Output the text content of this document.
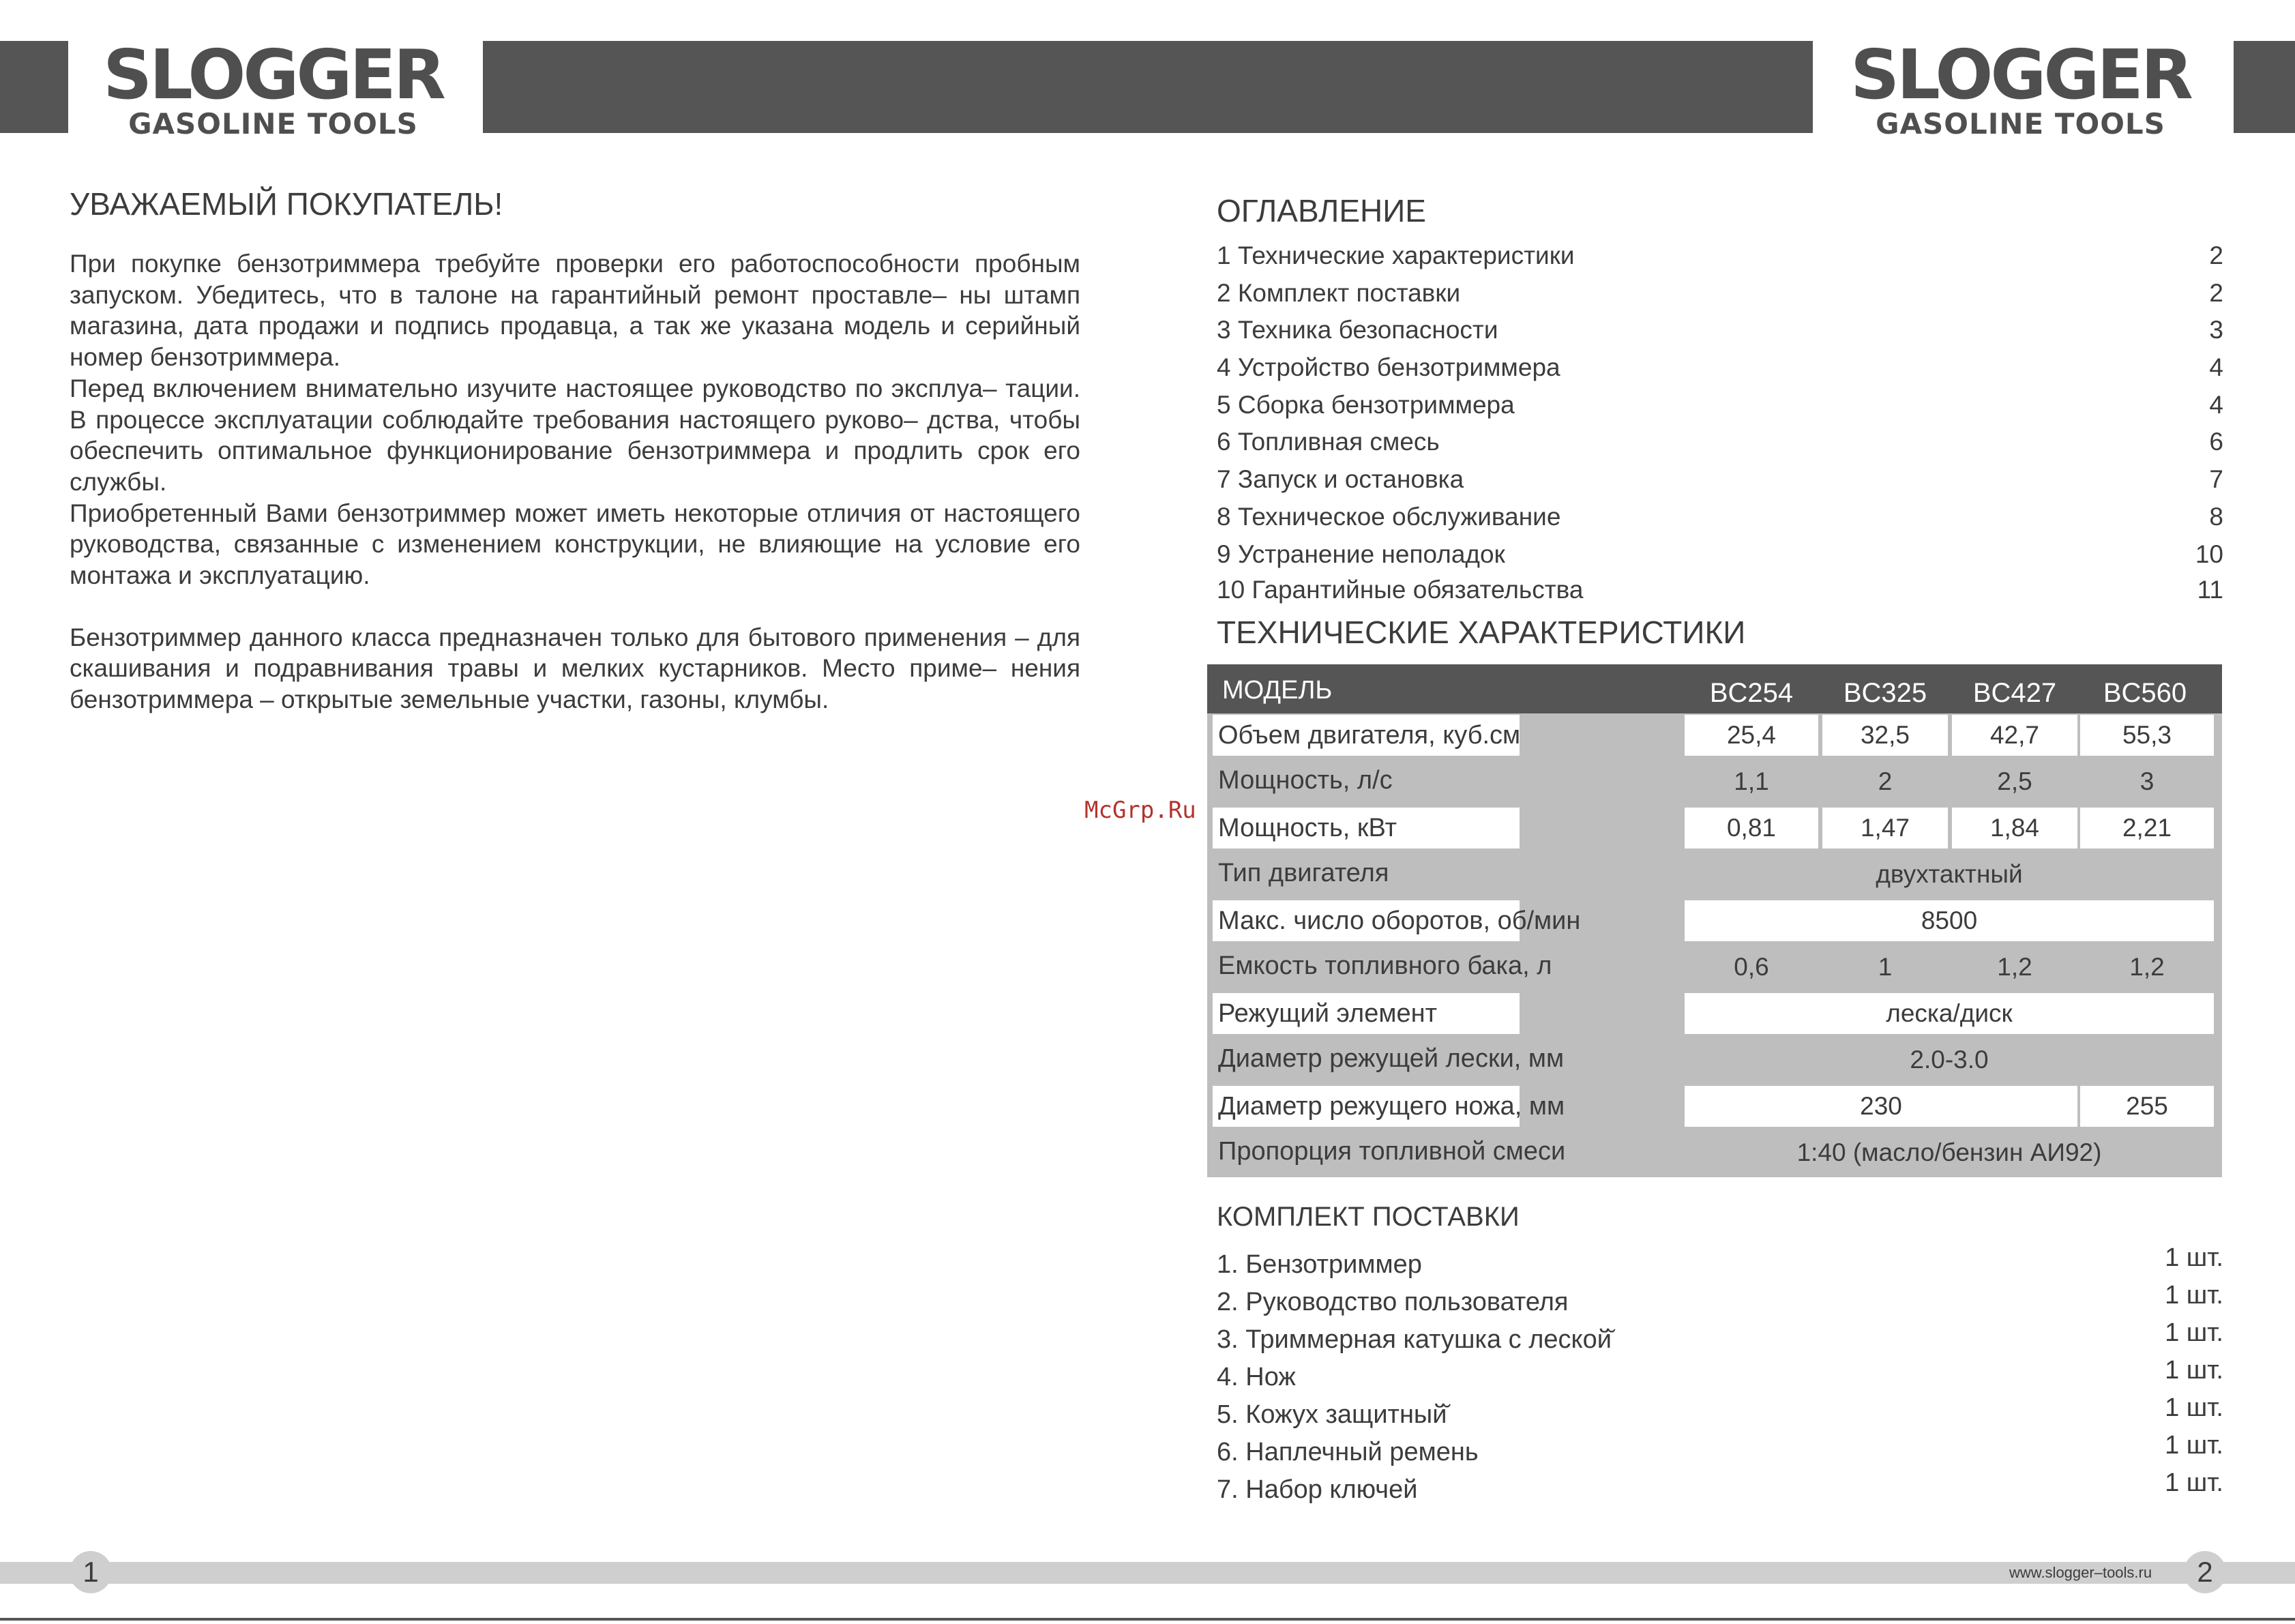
SLOGGER
GASOLINE TOOLS
SLOGGER
GASOLINE TOOLS
УВАЖАЕМЫЙ ПОКУПАТЕЛЬ!

При покупке бензотриммера требуйте проверки его работоспособности пробным запуском. Убедитесь, что в талоне на гарантийный ремонт проставле– ны штамп магазина, дата продажи и подпись продавца, а так же указана модель и серийный номер бензотриммера.

Перед включением внимательно изучите настоящее руководство по эксплуа– тации. В процессе эксплуатации соблюдайте требования настоящего руково– дства, чтобы обеспечить оптимальное функционирование бензотриммера и продлить срок его службы.

Приобретенный Вами бензотриммер может иметь некоторые отличия от настоящего руководства, связанные с изменением конструкции, не влияющие на условие его монтажа и эксплуатацию.

Бензотриммер данного класса предназначен только для бытового применения – для скашивания и подравнивания травы и мелких кустарников. Место приме– нения бензотриммера – открытые земельные участки, газоны, клумбы.

McGrp.Ru
ОГЛАВЛЕНИЕ
1 Технические характеристики	2
2 Комплект поставки	2
3 Техника безопасности	3
4 Устройство бензотриммера	4
5 Сборка бензотриммера	4
6 Топливная смесь	6
7 Запуск и остановка	7
8 Техническое обслуживание	8
9 Устранение неполадок	10
10 Гарантийные обязательства	11
ТЕХНИЧЕСКИЕ ХАРАКТЕРИСТИКИ
МОДЕЛЬ	BC254	BC325	BC427	BC560
Объем двигателя, куб.см	25,4	32,5	42,7	55,3
Мощность, л/с	1,1	2	2,5	3
Мощность, кВт	0,81	1,47	1,84	2,21
Тип двигателя	двухтактный
Макс. число оборотов, об/мин	8500
Емкость топливного бака, л	0,6	1	1,2	1,2
Режущий элемент	леска/диск
Диаметр режущей лески, мм	2.0-3.0
Диаметр режущего ножа, мм	230	255
Пропорция топливной смеси	1:40 (масло/бензин АИ92)
КОМПЛЕКТ ПОСТАВКИ
1. Бензотриммер	1 шт.
2. Руководство пользователя	1 шт.
3. Триммерная катушка с леской̆	1 шт.
4. Нож	1 шт.
5. Кожух защитный̆	1 шт.
6. Наплечный ремень	1 шт.
7. Набор ключей	1 шт.
1	2
www.slogger–tools.ru
